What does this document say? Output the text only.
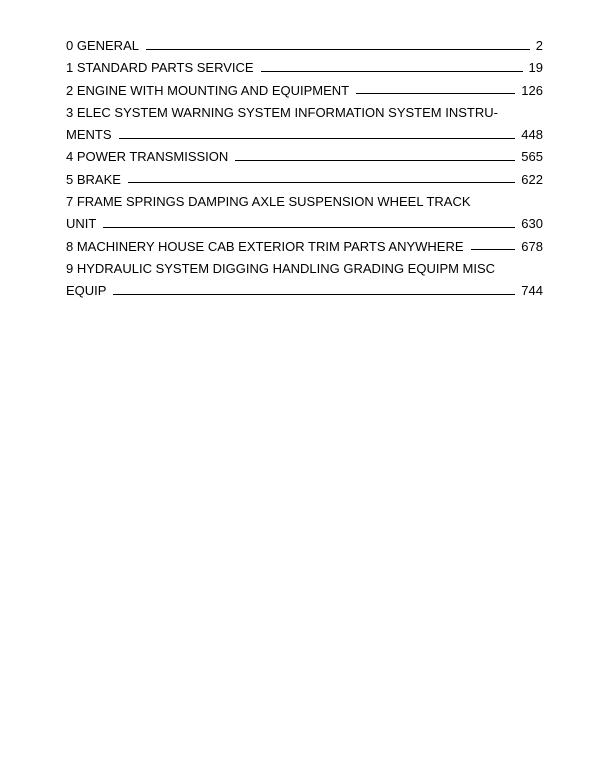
0 GENERAL	2
1 STANDARD PARTS SERVICE	19
2 ENGINE WITH MOUNTING AND EQUIPMENT	126
3 ELEC SYSTEM WARNING SYSTEM INFORMATION SYSTEM INSTRU-
MENTS	448
4 POWER TRANSMISSION	565
5 BRAKE	622
7 FRAME SPRINGS DAMPING AXLE SUSPENSION WHEEL TRACK
UNIT	630
8 MACHINERY HOUSE CAB EXTERIOR TRIM PARTS ANYWHERE	678
9 HYDRAULIC SYSTEM DIGGING HANDLING GRADING EQUIPM MISC
EQUIP	744
